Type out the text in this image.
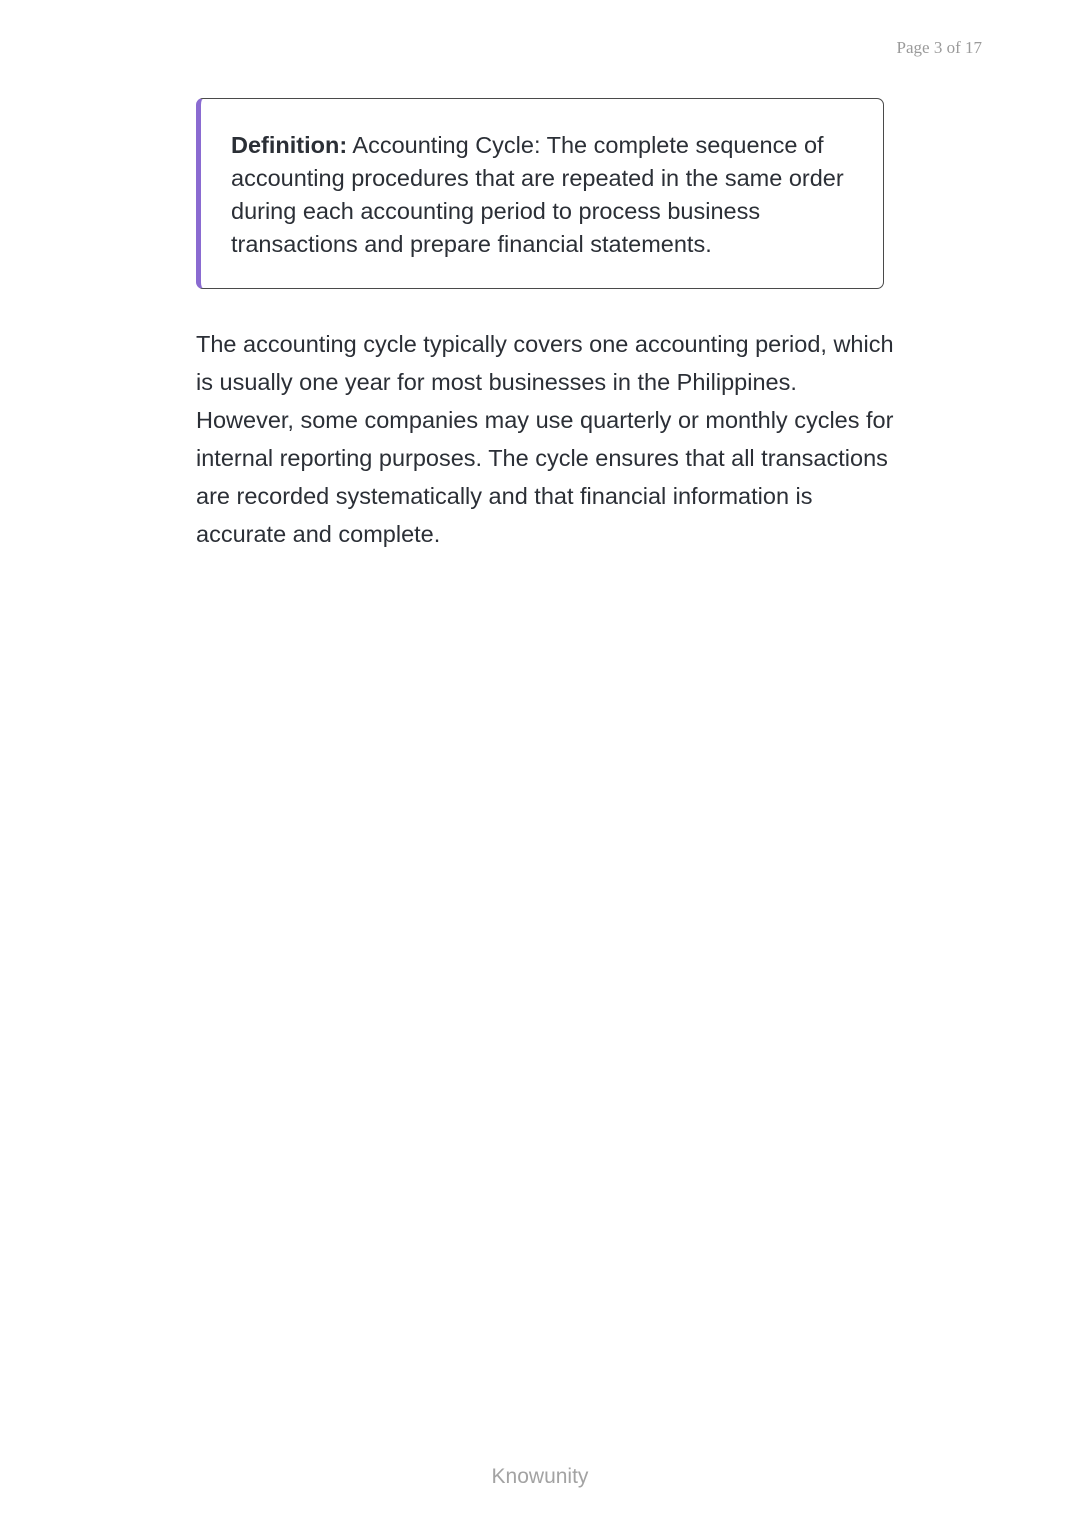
Page 3 of 17

Definition: Accounting Cycle: The complete sequence of accounting procedures that are repeated in the same order during each accounting period to process business transactions and prepare financial statements.

The accounting cycle typically covers one accounting period, which is usually one year for most businesses in the Philippines. However, some companies may use quarterly or monthly cycles for internal reporting purposes. The cycle ensures that all transactions are recorded systematically and that financial information is accurate and complete.

Knowunity
